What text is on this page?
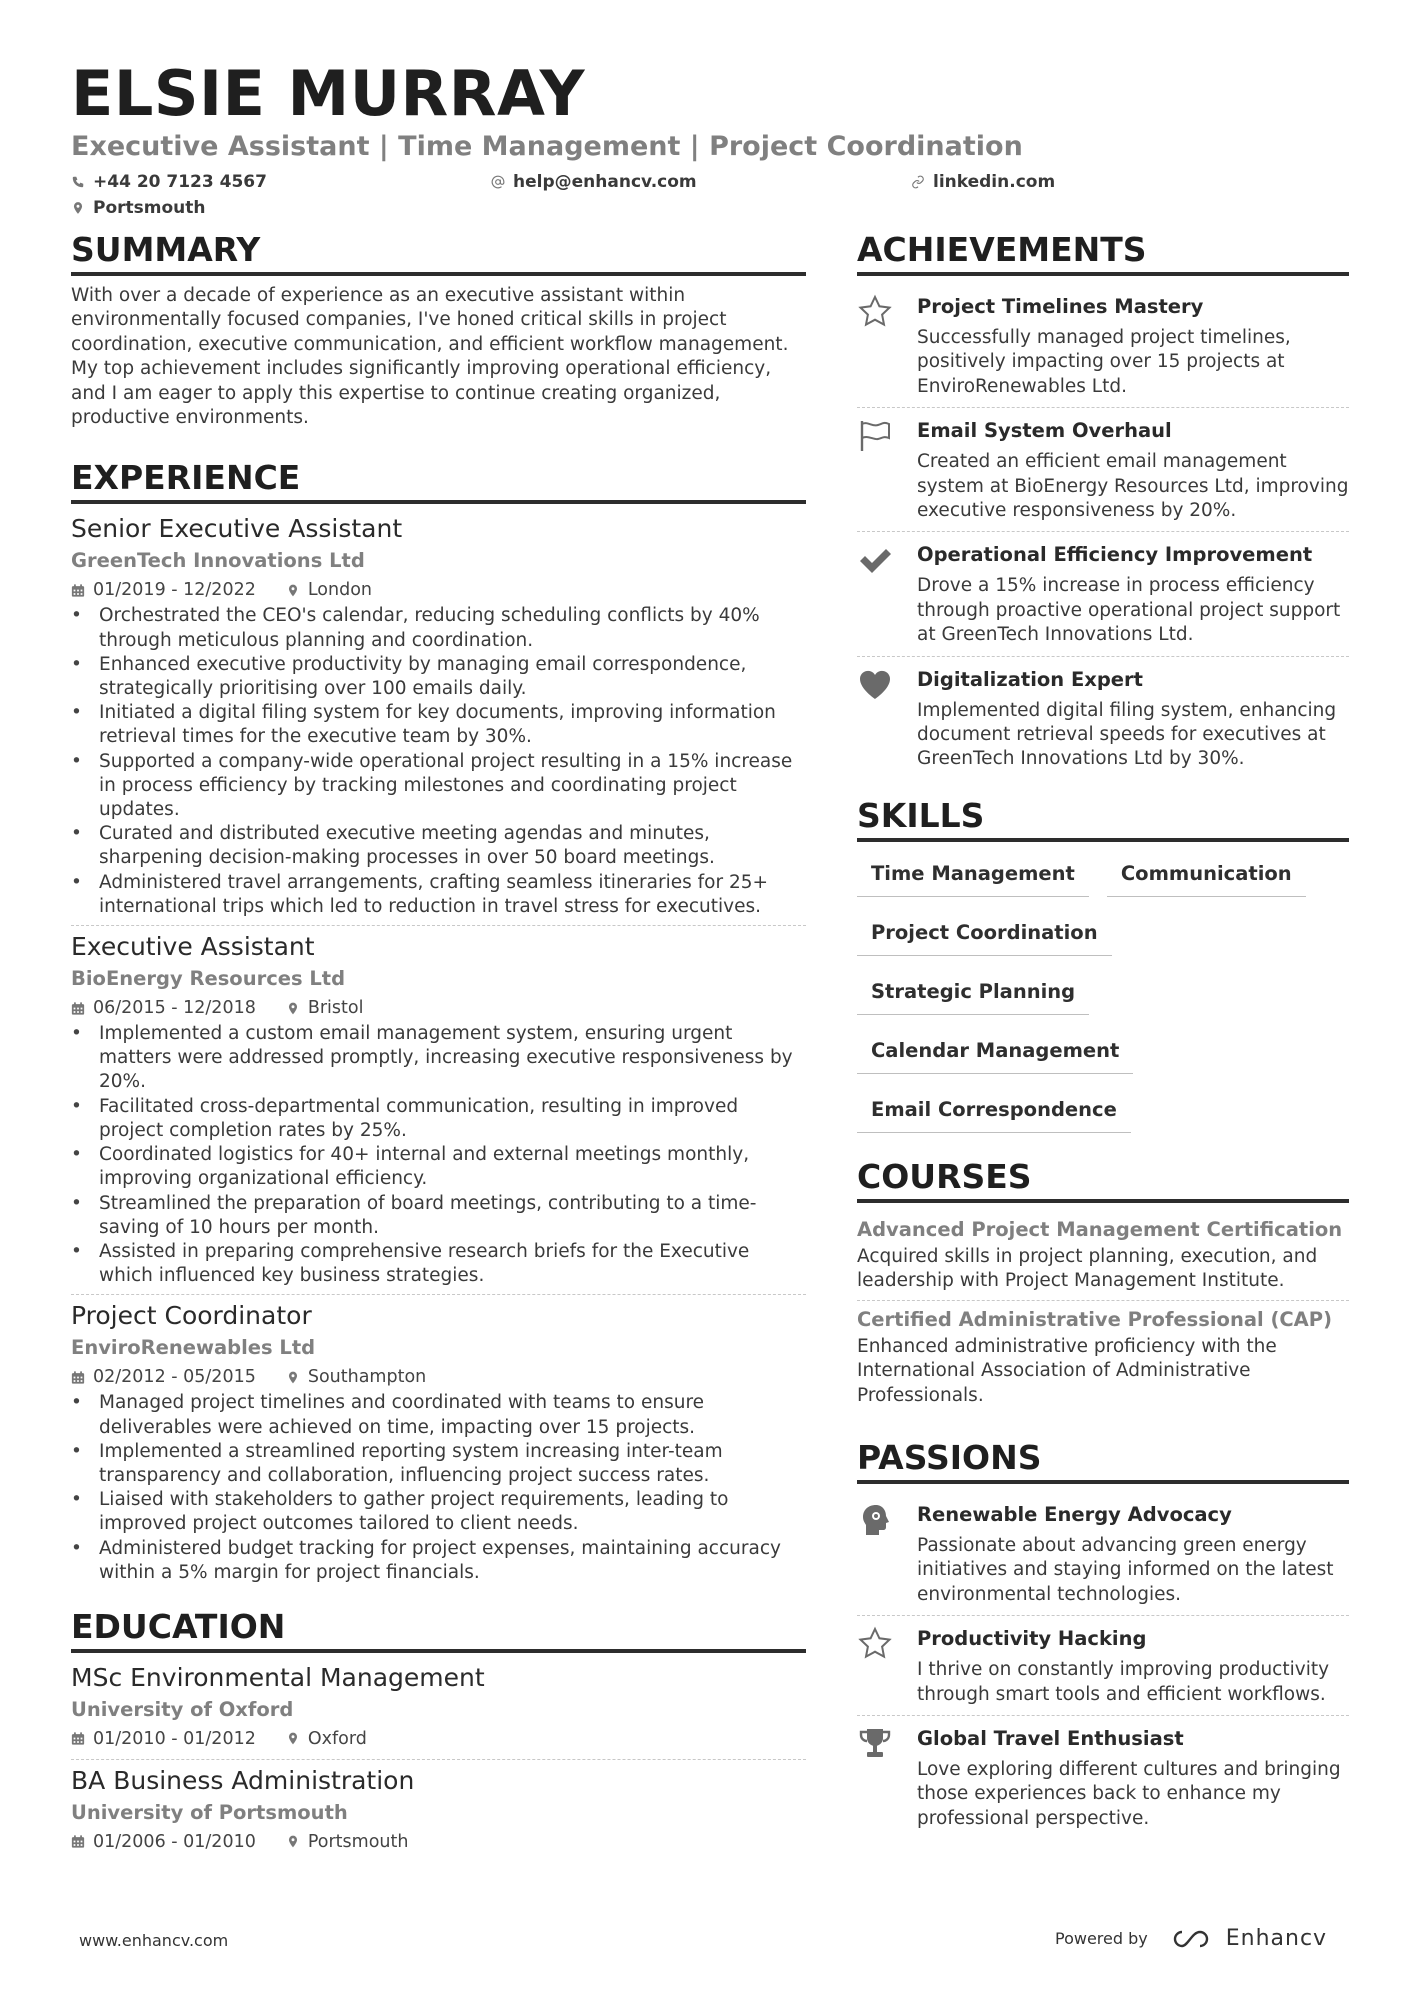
ELSIE MURRAY
Executive Assistant | Time Management | Project Coordination
+44 20 7123 4567	help@enhancv.com	linkedin.com
Portsmouth
SUMMARY

With over a decade of experience as an executive assistant within environmentally focused companies, I've honed critical skills in project coordination, executive communication, and efficient workflow management. My top achievement includes significantly improving operational efficiency, and I am eager to apply this expertise to continue creating organized, productive environments.

EXPERIENCE
Senior Executive Assistant
GreenTech Innovations Ltd
01/2019 - 12/2022	London
• Orchestrated the CEO's calendar, reducing scheduling conflicts by 40% through meticulous planning and coordination.
• Enhanced executive productivity by managing email correspondence, strategically prioritising over 100 emails daily.
• Initiated a digital filing system for key documents, improving information retrieval times for the executive team by 30%.
• Supported a company-wide operational project resulting in a 15% increase in process efficiency by tracking milestones and coordinating project updates.
• Curated and distributed executive meeting agendas and minutes, sharpening decision-making processes in over 50 board meetings.
• Administered travel arrangements, crafting seamless itineraries for 25+ international trips which led to reduction in travel stress for executives.
Executive Assistant
BioEnergy Resources Ltd
06/2015 - 12/2018	Bristol
• Implemented a custom email management system, ensuring urgent matters were addressed promptly, increasing executive responsiveness by 20%.
• Facilitated cross-departmental communication, resulting in improved project completion rates by 25%.
• Coordinated logistics for 40+ internal and external meetings monthly, improving organizational efficiency.
• Streamlined the preparation of board meetings, contributing to a time-saving of 10 hours per month.
• Assisted in preparing comprehensive research briefs for the Executive which influenced key business strategies.
Project Coordinator
EnviroRenewables Ltd
02/2012 - 05/2015	Southampton
• Managed project timelines and coordinated with teams to ensure deliverables were achieved on time, impacting over 15 projects.
• Implemented a streamlined reporting system increasing inter-team transparency and collaboration, influencing project success rates.
• Liaised with stakeholders to gather project requirements, leading to improved project outcomes tailored to client needs.
• Administered budget tracking for project expenses, maintaining accuracy within a 5% margin for project financials.
EDUCATION
MSc Environmental Management
University of Oxford
01/2010 - 01/2012	Oxford
BA Business Administration
University of Portsmouth
01/2006 - 01/2010	Portsmouth
ACHIEVEMENTS
Project Timelines Mastery
Successfully managed project timelines, positively impacting over 15 projects at EnviroRenewables Ltd.
Email System Overhaul
Created an efficient email management system at BioEnergy Resources Ltd, improving executive responsiveness by 20%.
Operational Efficiency Improvement
Drove a 15% increase in process efficiency through proactive operational project support at GreenTech Innovations Ltd.
Digitalization Expert
Implemented digital filing system, enhancing document retrieval speeds for executives at GreenTech Innovations Ltd by 30%.
SKILLS
Time Management	Communication
Project Coordination
Strategic Planning
Calendar Management
Email Correspondence
COURSES
Advanced Project Management Certification
Acquired skills in project planning, execution, and leadership with Project Management Institute.
Certified Administrative Professional (CAP)
Enhanced administrative proficiency with the International Association of Administrative Professionals.
PASSIONS
Renewable Energy Advocacy
Passionate about advancing green energy initiatives and staying informed on the latest environmental technologies.
Productivity Hacking
I thrive on constantly improving productivity through smart tools and efficient workflows.
Global Travel Enthusiast
Love exploring different cultures and bringing those experiences back to enhance my professional perspective.
www.enhancv.com	Powered by	Enhancv
